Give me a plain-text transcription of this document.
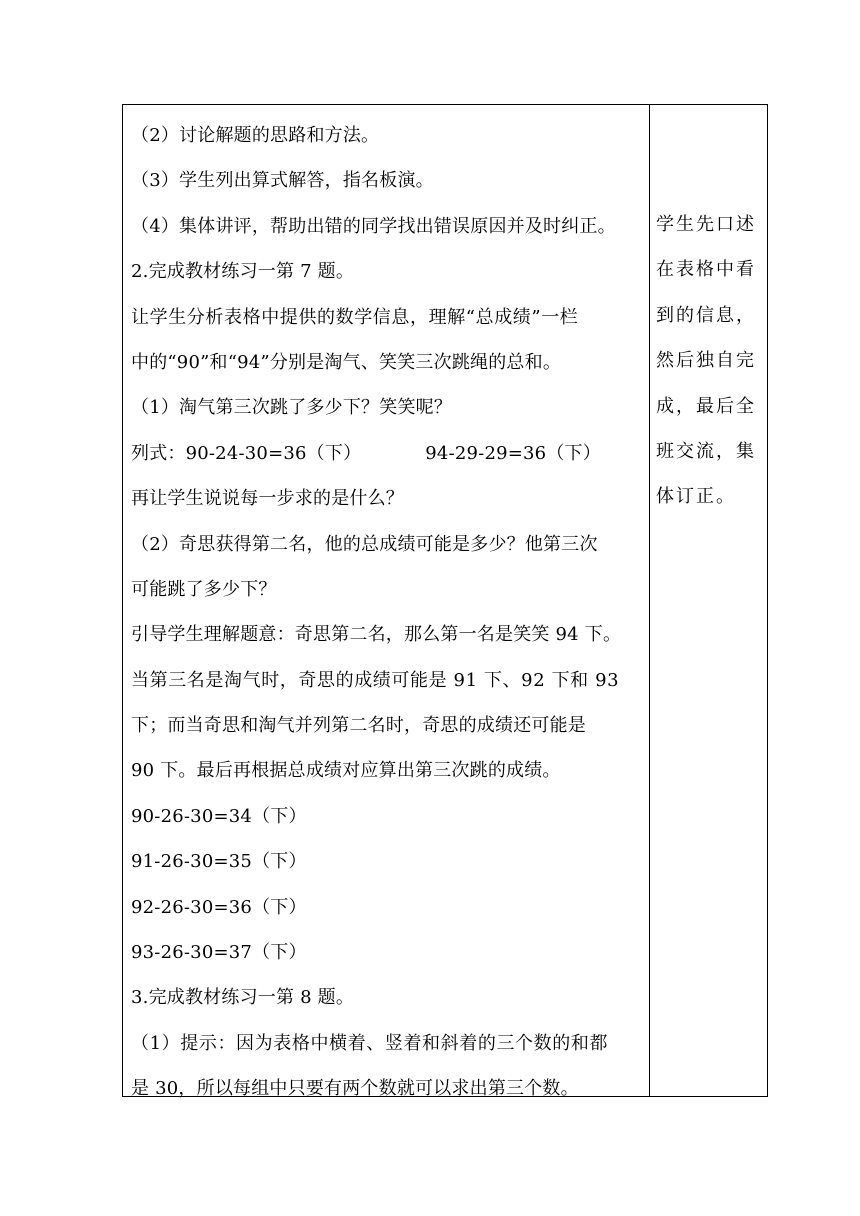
（2）讨论解题的思路和方法。
（3）学生列出算式解答，指名板演。
（4）集体讲评，帮助出错的同学找出错误原因并及时纠正。
2.完成教材练习一第 7 题。
让学生分析表格中提供的数学信息，理解“总成绩”一栏
中的“90”和“94”分别是淘气、笑笑三次跳绳的总和。
（1）淘气第三次跳了多少下？笑笑呢？
列式：90-24-30=36（下）	94-29-29=36（下）
再让学生说说每一步求的是什么？
（2）奇思获得第二名，他的总成绩可能是多少？他第三次
可能跳了多少下？
引导学生理解题意：奇思第二名，那么第一名是笑笑 94 下。
当第三名是淘气时，奇思的成绩可能是 91 下、92 下和 93
下；而当奇思和淘气并列第二名时，奇思的成绩还可能是
90 下。最后再根据总成绩对应算出第三次跳的成绩。
90-26-30=34（下）
91-26-30=35（下）
92-26-30=36（下）
93-26-30=37（下）
3.完成教材练习一第 8 题。
（1）提示：因为表格中横着、竖着和斜着的三个数的和都
是 30，所以每组中只要有两个数就可以求出第三个数。
学生先口述
在表格中看
到的信息，
然后独自完
成，最后全
班交流，集
体订正。
